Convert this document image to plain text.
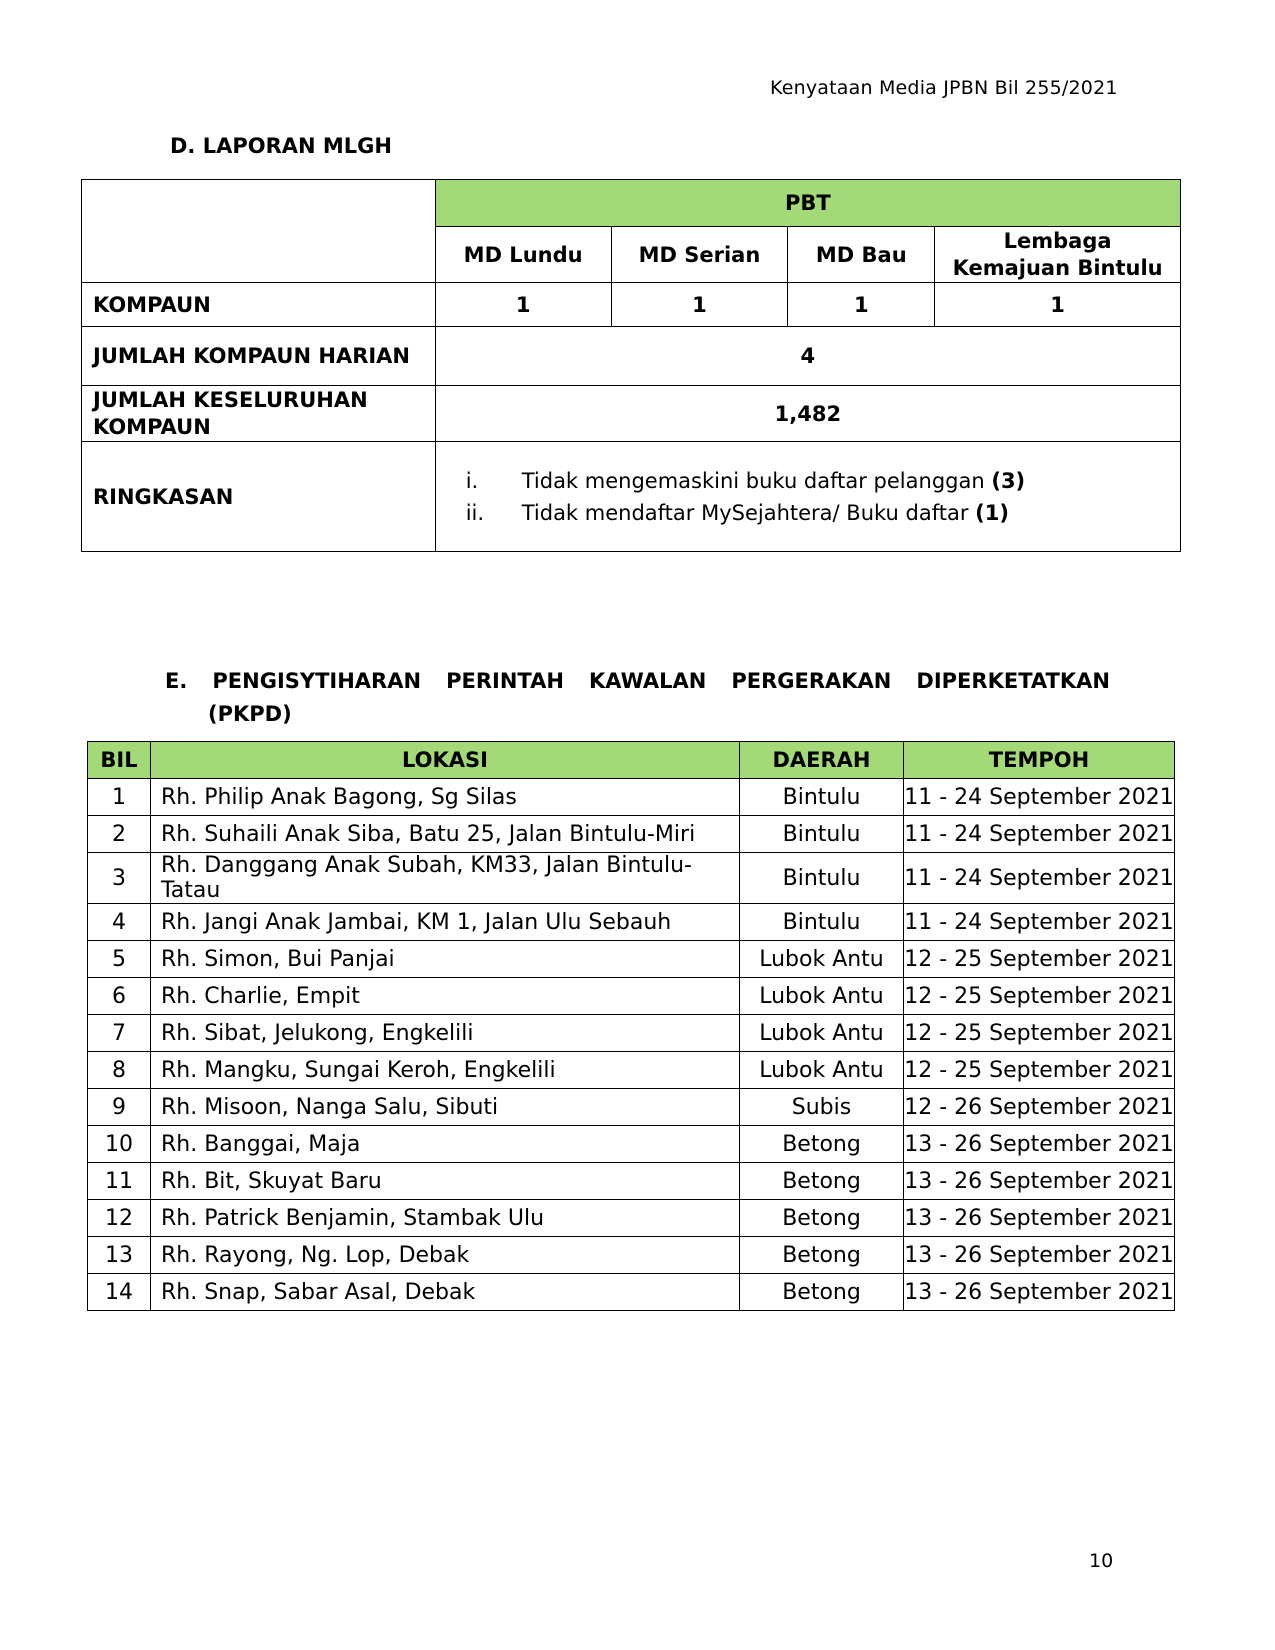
Kenyataan Media JPBN Bil 255/2021
D. LAPORAN MLGH
	PBT			
	MD Lundu	MD Serian	MD Bau	Lembaga
Kemajuan Bintulu
KOMPAUN	1	1	1	1
JUMLAH KOMPAUN HARIAN	4			

JUMLAH KESELURUHAN
KOMPAUN	1,482			
RINGKASAN	i. Tidak mengemaskini buku daftar pelanggan (3)
ii. Tidak mendaftar MySejahtera/ Buku daftar (1)			
E. PENGISYTIHARAN PERINTAH KAWALAN PERGERAKAN DIPERKETATKAN
(PKPD)
BIL	LOKASI	DAERAH	TEMPOH
1	Rh. Philip Anak Bagong, Sg Silas	Bintulu	11 - 24 September 2021
2	Rh. Suhaili Anak Siba, Batu 25, Jalan Bintulu-Miri	Bintulu	11 - 24 September 2021
3	Rh. Danggang Anak Subah, KM33, Jalan Bintulu-Tatau	Bintulu	11 - 24 September 2021
4	Rh. Jangi Anak Jambai, KM 1, Jalan Ulu Sebauh	Bintulu	11 - 24 September 2021
5	Rh. Simon, Bui Panjai	Lubok Antu	12 - 25 September 2021
6	Rh. Charlie, Empit	Lubok Antu	12 - 25 September 2021
7	Rh. Sibat, Jelukong, Engkelili	Lubok Antu	12 - 25 September 2021
8	Rh. Mangku, Sungai Keroh, Engkelili	Lubok Antu	12 - 25 September 2021
9	Rh. Misoon, Nanga Salu, Sibuti	Subis	12 - 26 September 2021
10	Rh. Banggai, Maja	Betong	13 - 26 September 2021
11	Rh. Bit, Skuyat Baru	Betong	13 - 26 September 2021
12	Rh. Patrick Benjamin, Stambak Ulu	Betong	13 - 26 September 2021
13	Rh. Rayong, Ng. Lop, Debak	Betong	13 - 26 September 2021
14	Rh. Snap, Sabar Asal, Debak	Betong	13 - 26 September 2021
10
